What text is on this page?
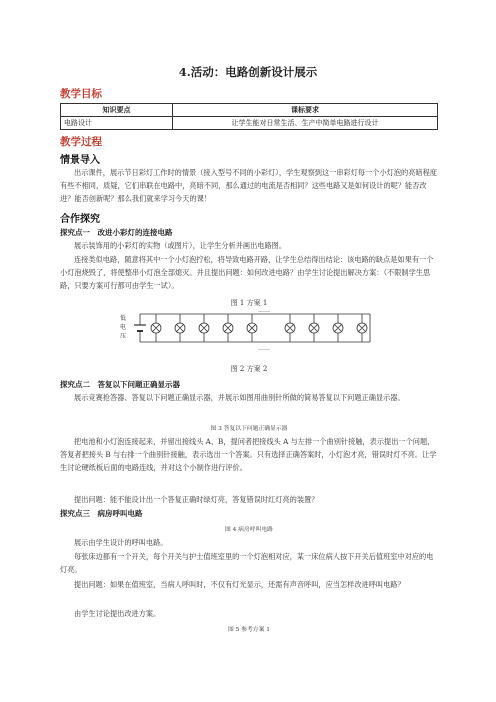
4.活动：电路创新设计展示
教学目标
知识要点	课标要求
电路设计	让学生能对日常生活、生产中简单电路进行设计
教学过程
情景导入
出示课件，展示节日彩灯工作时的情景（接入型号不同的小彩灯），学生观察到这一串彩灯每一个小灯泡的亮暗程度有些不相同，质疑，它们串联在电路中，亮暗不同，那么通过的电流是否相同？这些电路又是如何设计的呢？能否改进？能否创新呢？那么我们就来学习今天的课！
合作探究
探究点一　改进小彩灯的连接电路
展示装饰用的小彩灯的实物（或图片），让学生分析并画出电路图。
连接类似电路，随意将其中一个小灯泡拧松，将导致电路开路，让学生总结得出结论：该电路的缺点是如果有一个小灯泡烧毁了，将使整串小灯泡全部熄灭。并且提出问题：如何改进电路？由学生讨论提出解决方案：（不限制学生思路，只要方案可行都可由学生一试）。
图 1 方案 1
低电压
……
……
图 2 方案 2
探究点二　答复以下问题正确显示器
展示竞赛抢答器、答复以下问题正确显示器，并展示如图用曲别针所做的简易答复以下问题正确显示器。
图 3 答复以下问题正确显示器
把电池和小灯泡连接起来，并留出接线头 A、B，提问者把接线头 A 与左排一个曲别针接触，表示提出一个问题，答复者把接头 B 与右排一个曲别针接触，表示选出一个答案。只有选择正确答案时，小灯泡才亮，错误时灯不亮。让学生讨论硬纸板后面的电路连线，并对这个小制作进行评价。
提出问题：能不能设计出一个答复正确时绿灯亮，答复错误时红灯亮的装置？
探究点三　病房呼叫电路
图 4 病房呼叫电路
展示由学生设计的呼叫电路。
每张床边都有一个开关，每个开关与护士值班室里的一个灯泡相对应，某一床位病人按下开关后值班室中对应的电灯亮。
提出问题：如果在值班室，当病人呼叫时，不仅有灯光显示，还需有声音呼叫，应当怎样改进呼叫电路？
由学生讨论提出改进方案。
图 5 参考方案 1
